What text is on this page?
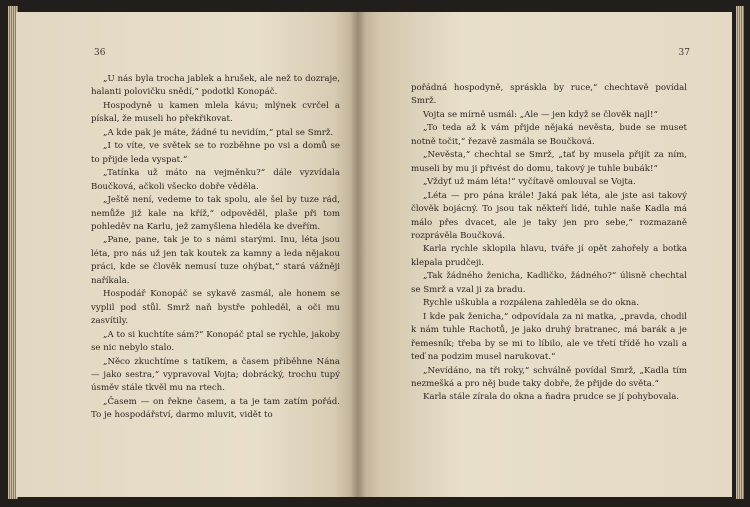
36

„U nás byla trocha jablek a hrušek, ale než to dozraje, halanti polovičku snědí,“ podotkl Konopáč.

Hospodyně u kamen mlela kávu; mlýnek cvrčel a pískal, že museli ho překřikovat.

„A kde pak je máte, žádné tu nevidím,“ ptal se Smrž.

„I to víte, ve světek se to rozběhne po vsi a domů se to přijde leda vyspat.“

„Tatínka už máto na vejměnku?“ dále vyzvídala Boučková, ačkoli všecko dobře věděla.

„Ještě není, vedeme to tak spolu, ale šel by tuze rád, nemůže již kale na kříž,“ odpověděl, plaše při tom pohleděv na Karlu, jež zamyšlena hleděla ke dveřím.

„Pane, pane, tak je to s námi starými. Inu, léta jsou léta, pro nás už jen tak koutek za kamny a leda nějakou práci, kde se člověk nemusí tuze ohýbat,“ stará vážněji naříkala.

Hospodář Konopáč se sykavě zasmál, ale honem se vyplil pod stůl. Smrž naň bystře pohleděl, a oči mu zasvítily.

„A to si kuchtíte sám?“ Konopáč ptal se rychle, jakoby se nic nebylo stalo.

„Něco zkuchtíme s tatíkem, a časem přiběhne Nána — jako sestra,“ vypravoval Vojta; dobrácký, trochu tupý úsměv stále tkvěl mu na rtech.

„Časem — on řekne časem, a ta je tam zatím pořád. To je hospodářství, darmo mluvit, vidět to

37

pořádná hospodyně, spráskla by ruce,“ chechtavě povídal Smrž.

Vojta se mírně usmál: „Ale — jen když se člověk najl!“

„To teda až k vám přijde nějaká nevěsta, bude se muset notně točit,“ řezavě zasmála se Boučková.

„Nevěsta,“ chechtal se Smrž, „tať by musela přijít za ním, museli by mu ji přivést do domu, takový je tuhle bubák!“

„Vždyť už mám léta!“ vyčítavě omlouval se Vojta.

„Léta — pro pána krále! Jaká pak léta, ale jste asi takový člověk bojácný. To jsou tak někteří lidé, tuhle naše Kadla má málo přes dvacet, ale je taky jen pro sebe,“ rozmazaně rozprávěla Boučková.

Karla rychle sklopila hlavu, tváře jí opět zahořely a botka klepala prudčeji.

„Tak žádného ženicha, Kadličko, žádného?“ úlisně chechtal se Smrž a vzal ji za bradu.

Rychle uškubla a rozpálena zahleděla se do okna.

I kde pak ženicha,“ odpovídala za ni matka, „pravda, chodil k nám tuhle Rachotů, je jako druhý bratranec, má barák a je řemesník; třeba by se mi to líbilo, ale ve třetí třídě ho vzali a teď na podzim musel narukovat.“

„Nevídáno, na tři roky,“ schválně povídal Smrž, „Kadla tím nezmešká a pro něj bude taky dobře, že přijde do světa.“

Karla stále zírala do okna a ňadra prudce se jí pohybovala.
